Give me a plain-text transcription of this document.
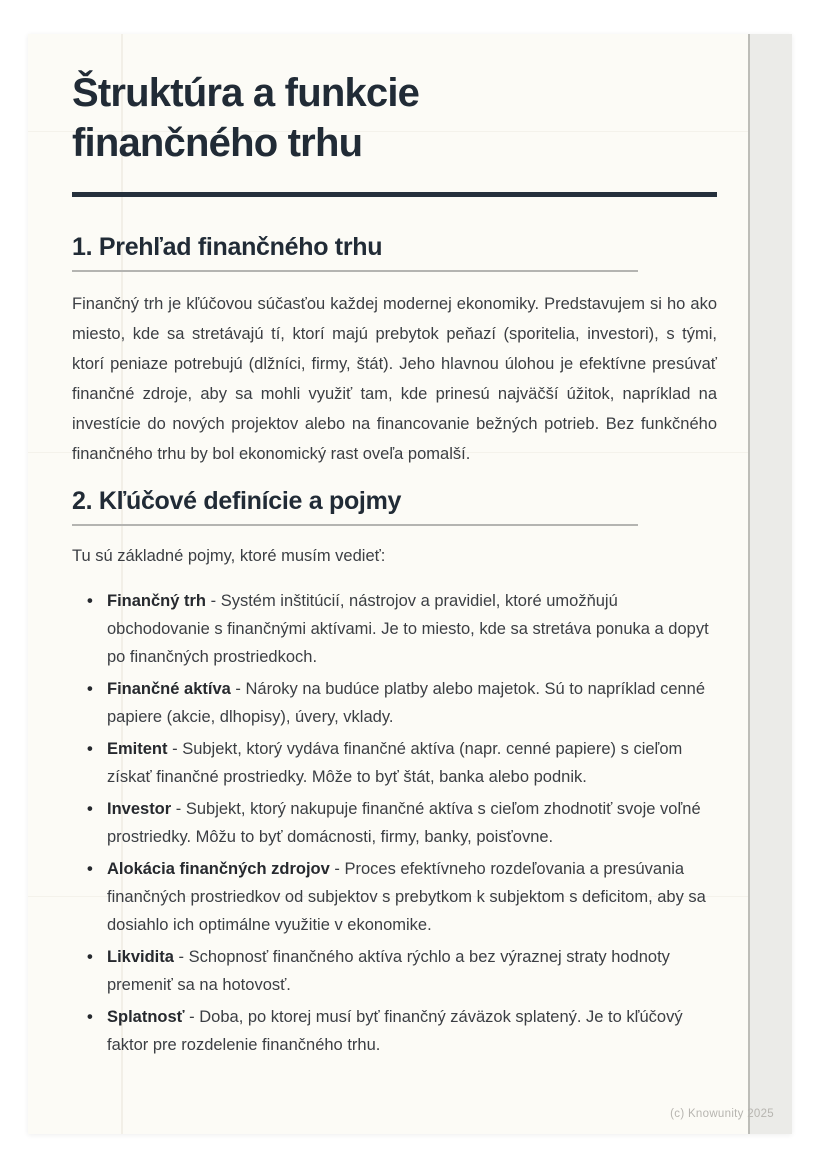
Štruktúra a funkcie finančného trhu
1. Prehľad finančného trhu

Finančný trh je kľúčovou súčasťou každej modernej ekonomiky. Predstavujem si ho ako miesto, kde sa stretávajú tí, ktorí majú prebytok peňazí (sporitelia, investori), s tými, ktorí peniaze potrebujú (dlžníci, firmy, štát). Jeho hlavnou úlohou je efektívne presúvať finančné zdroje, aby sa mohli využiť tam, kde prinesú najväčší úžitok, napríklad na investície do nových projektov alebo na financovanie bežných potrieb. Bez funkčného finančného trhu by bol ekonomický rast oveľa pomalší.

2. Kľúčové definície a pojmy

Tu sú základné pojmy, ktoré musím vedieť:

• Finančný trh - Systém inštitúcií, nástrojov a pravidiel, ktoré umožňujú obchodovanie s finančnými aktívami. Je to miesto, kde sa stretáva ponuka a dopyt po finančných prostriedkoch.
• Finančné aktíva - Nároky na budúce platby alebo majetok. Sú to napríklad cenné papiere (akcie, dlhopisy), úvery, vklady.
• Emitent - Subjekt, ktorý vydáva finančné aktíva (napr. cenné papiere) s cieľom získať finančné prostriedky. Môže to byť štát, banka alebo podnik.
• Investor - Subjekt, ktorý nakupuje finančné aktíva s cieľom zhodnotiť svoje voľné prostriedky. Môžu to byť domácnosti, firmy, banky, poisťovne.
• Alokácia finančných zdrojov - Proces efektívneho rozdeľovania a presúvania finančných prostriedkov od subjektov s prebytkom k subjektom s deficitom, aby sa dosiahlo ich optimálne využitie v ekonomike.
• Likvidita - Schopnosť finančného aktíva rýchlo a bez výraznej straty hodnoty premeniť sa na hotovosť.
• Splatnosť - Doba, po ktorej musí byť finančný záväzok splatený. Je to kľúčový faktor pre rozdelenie finančného trhu.
(c) Knowunity 2025
